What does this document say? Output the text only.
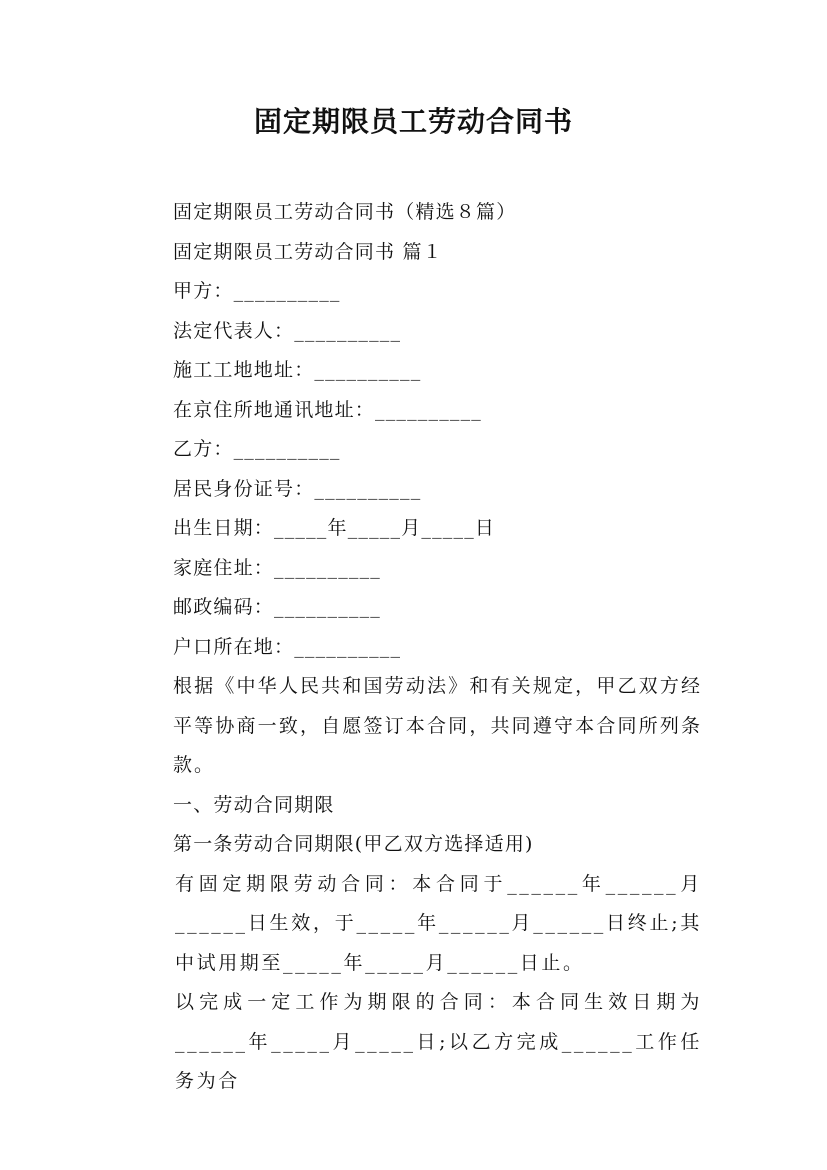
固定期限员工劳动合同书

固定期限员工劳动合同书（精选８篇）

固定期限员工劳动合同书 篇１

甲方：__________

法定代表人：__________

施工工地地址：__________

在京住所地通讯地址：__________

乙方：__________

居民身份证号：__________

出生日期：_____年_____月_____日

家庭住址：__________

邮政编码：__________

户口所在地：__________

根据《中华人民共和国劳动法》和有关规定，甲乙双方经平等协商一致，自愿签订本合同，共同遵守本合同所列条款。

一、劳动合同期限

第一条劳动合同期限(甲乙双方选择适用)

有固定期限劳动合同：本合同于______年______月______日生效，于_____年______月______日终止;其中试用期至_____年_____月______日止。

以完成一定工作为期限的合同：本合同生效日期为______年_____月_____日;以乙方完成______工作任务为合
